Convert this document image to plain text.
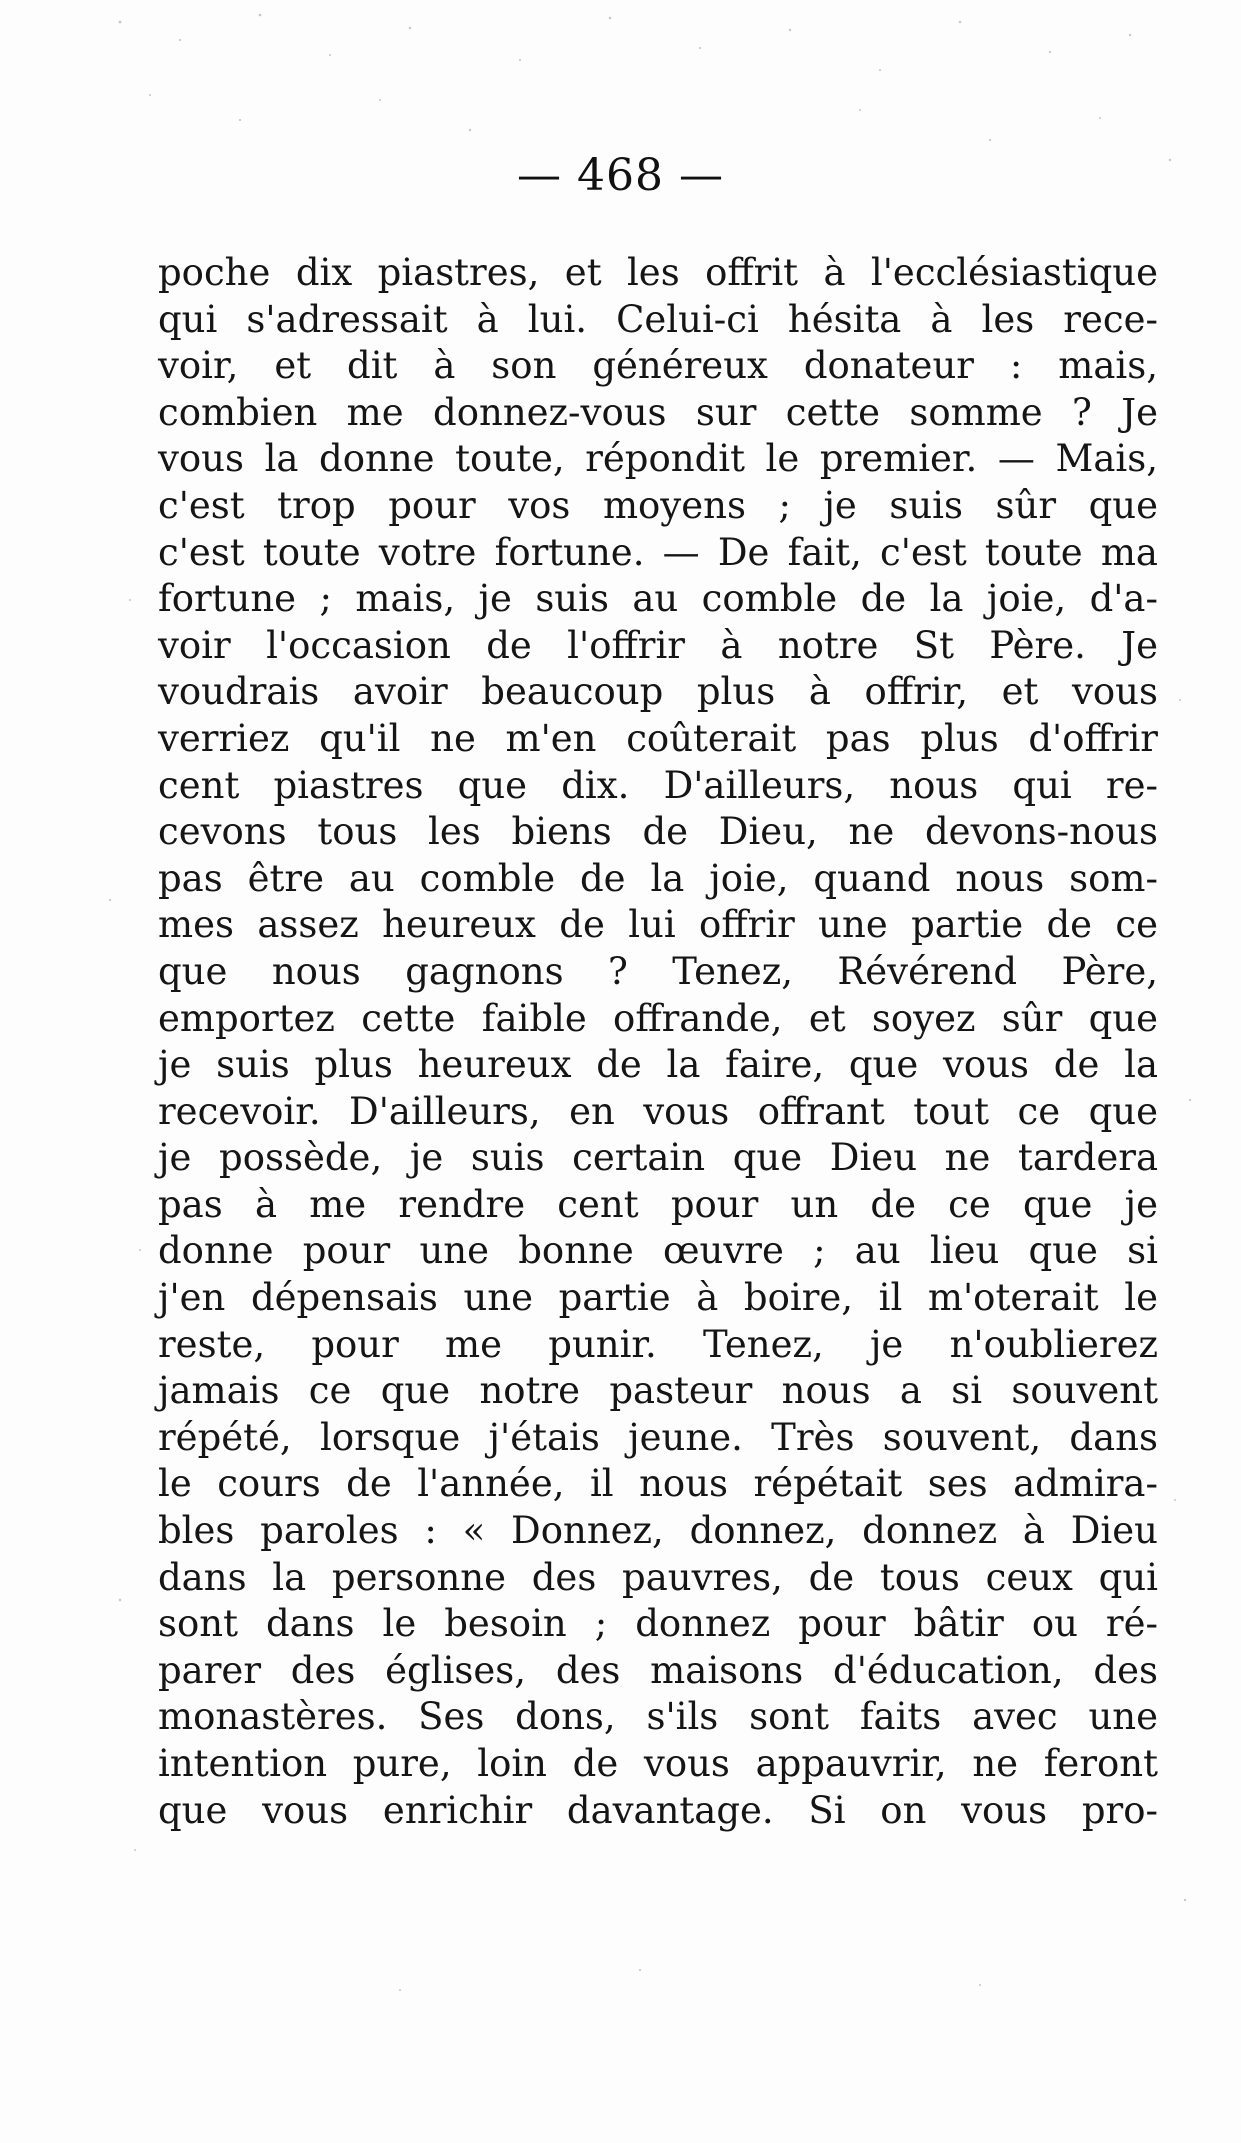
— 468 —
poche dix piastres, et les offrit à l'ecclésiastique
qui s'adressait à lui. Celui-ci hésita à les rece-
voir, et dit à son généreux donateur : mais,
combien me donnez-vous sur cette somme ? Je
vous la donne toute, répondit le premier. — Mais,
c'est trop pour vos moyens ; je suis sûr que
c'est toute votre fortune. — De fait, c'est toute ma
fortune ; mais, je suis au comble de la joie, d'a-
voir l'occasion de l'offrir à notre St Père. Je
voudrais avoir beaucoup plus à offrir, et vous
verriez qu'il ne m'en coûterait pas plus d'offrir
cent piastres que dix. D'ailleurs, nous qui re-
cevons tous les biens de Dieu, ne devons-nous
pas être au comble de la joie, quand nous som-
mes assez heureux de lui offrir une partie de ce
que nous gagnons ? Tenez, Révérend Père,
emportez cette faible offrande, et soyez sûr que
je suis plus heureux de la faire, que vous de la
recevoir. D'ailleurs, en vous offrant tout ce que
je possède, je suis certain que Dieu ne tardera
pas à me rendre cent pour un de ce que je
donne pour une bonne œuvre ; au lieu que si
j'en dépensais une partie à boire, il m'oterait le
reste, pour me punir. Tenez, je n'oublierez
jamais ce que notre pasteur nous a si souvent
répété, lorsque j'étais jeune. Très souvent, dans
le cours de l'année, il nous répétait ses admira-
bles paroles : « Donnez, donnez, donnez à Dieu
dans la personne des pauvres, de tous ceux qui
sont dans le besoin ; donnez pour bâtir ou ré-
parer des églises, des maisons d'éducation, des
monastères. Ses dons, s'ils sont faits avec une
intention pure, loin de vous appauvrir, ne feront
que vous enrichir davantage. Si on vous pro-
